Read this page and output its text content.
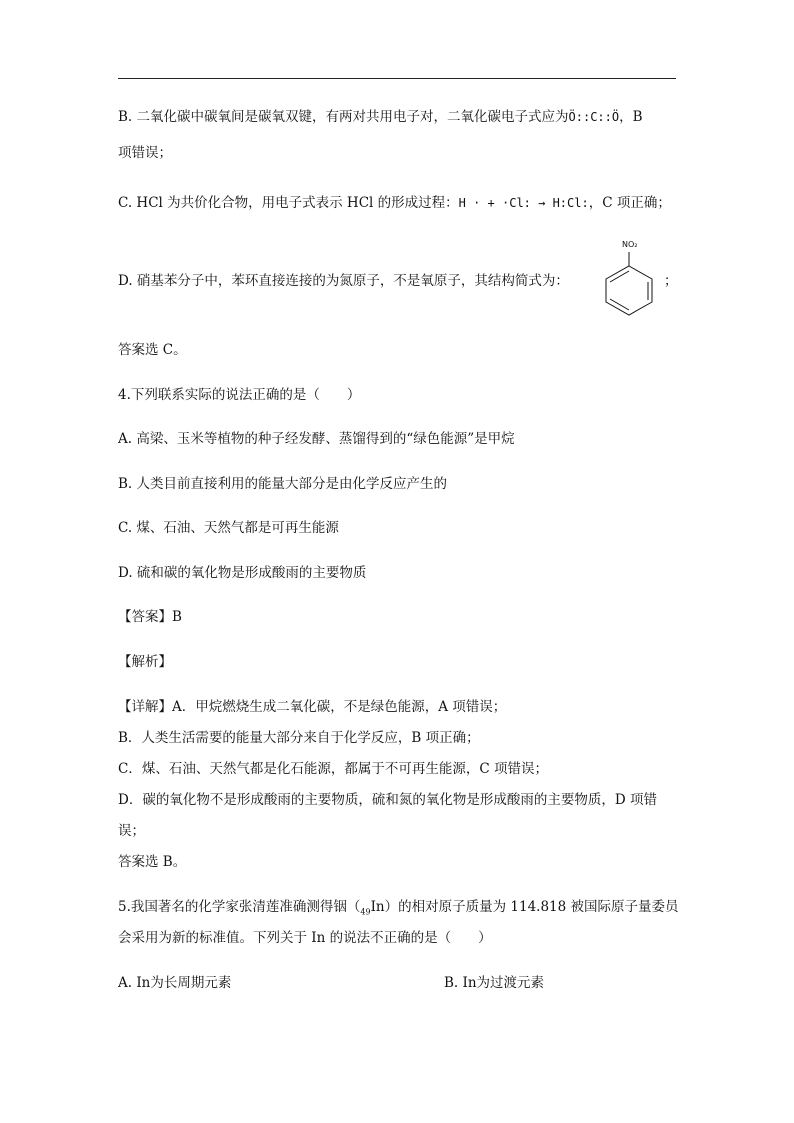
B. 二氧化碳中碳氧间是碳氧双键，有两对共用电子对，二氧化碳电子式应为Ö::C::Ö，B
项错误；
C. HCl 为共价化合物，用电子式表示 HCl 的形成过程：H · + ·Cl: → H:Cl:，C 项正确；
D. 硝基苯分子中，苯环直接连接的为氮原子，不是氧原子，其结构简式为：
NO₂
；
答案选 C。
4.下列联系实际的说法正确的是（　　）
A. 高梁、玉米等植物的种子经发酵、蒸馏得到的“绿色能源”是甲烷
B. 人类目前直接利用的能量大部分是由化学反应产生的
C. 煤、石油、天然气都是可再生能源
D. 硫和碳的氧化物是形成酸雨的主要物质
【答案】B
【解析】
【详解】A．甲烷燃烧生成二氧化碳，不是绿色能源，A 项错误；
B．人类生活需要的能量大部分来自于化学反应，B 项正确；
C．煤、石油、天然气都是化石能源，都属于不可再生能源，C 项错误；
D．碳的氧化物不是形成酸雨的主要物质，硫和氮的氧化物是形成酸雨的主要物质，D 项错
误；
答案选 B。
5.我国著名的化学家张清莲准确测得铟$(_{49}In)$的相对原子质量为 114.818 被国际原子量委员
会采用为新的标准值。下列关于 In 的说法不正确的是（　　）
A. In为长周期元素	B. In为过渡元素
